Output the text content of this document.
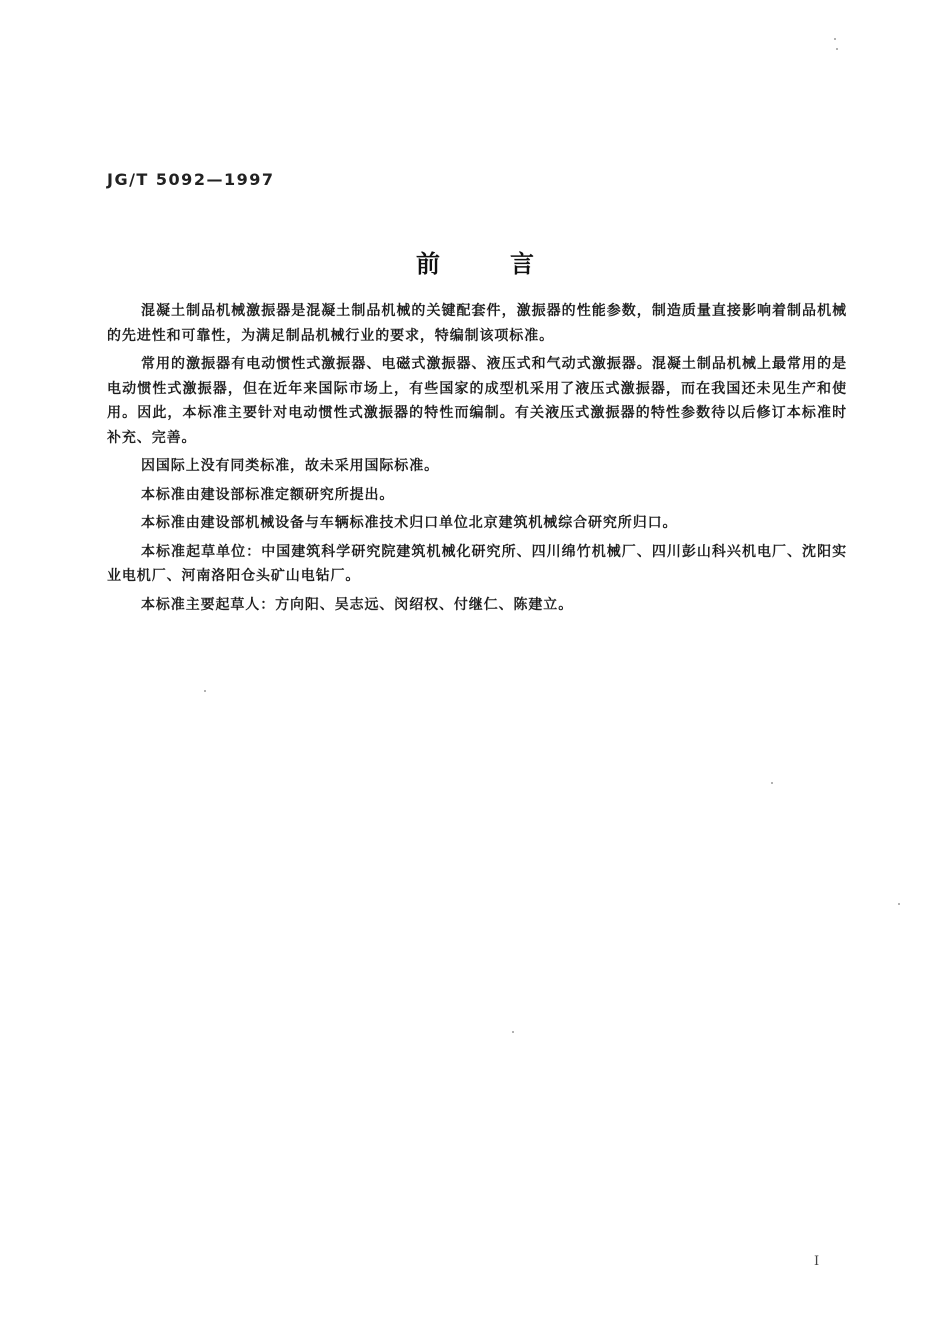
JG/T 5092—1997
前	言

混凝土制品机械激振器是混凝土制品机械的关键配套件，激振器的性能参数，制造质量直接影响着制品机械的先进性和可靠性，为满足制品机械行业的要求，特编制该项标准。

常用的激振器有电动惯性式激振器、电磁式激振器、液压式和气动式激振器。混凝土制品机械上最常用的是电动惯性式激振器，但在近年来国际市场上，有些国家的成型机采用了液压式激振器，而在我国还未见生产和使用。因此，本标准主要针对电动惯性式激振器的特性而编制。有关液压式激振器的特性参数待以后修订本标准时补充、完善。

因国际上没有同类标准，故未采用国际标准。

本标准由建设部标准定额研究所提出。

本标准由建设部机械设备与车辆标准技术归口单位北京建筑机械综合研究所归口。

本标准起草单位：中国建筑科学研究院建筑机械化研究所、四川绵竹机械厂、四川彭山科兴机电厂、沈阳实业电机厂、河南洛阳仓头矿山电钻厂。

本标准主要起草人：方向阳、吴志远、闵绍权、付继仁、陈建立。

I
